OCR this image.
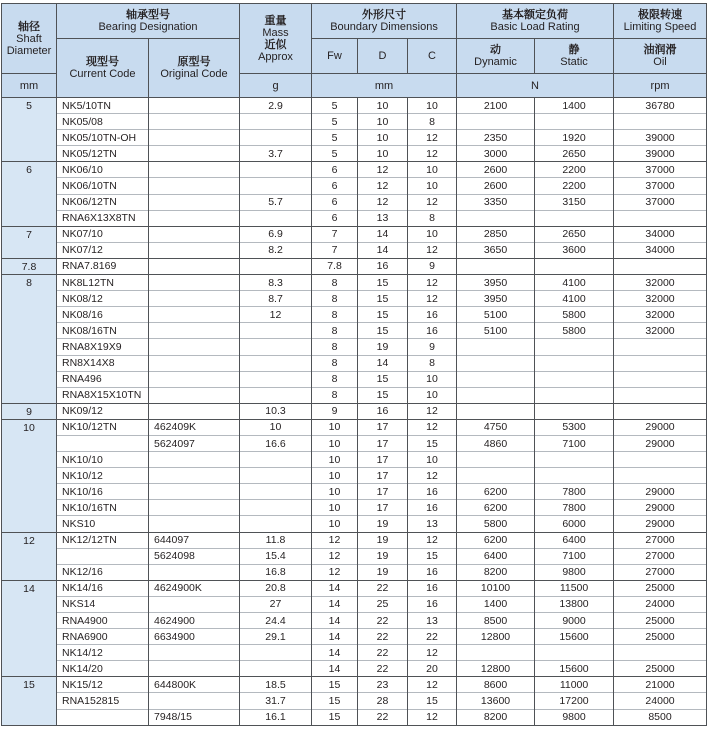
轴径
Shaft
Diameter	轴承型号
Bearing Designation		重量
Mass
近似
Approx	外形尺寸
Boundary Dimensions			基本额定负荷
Basic Load Rating		极限转速
Limiting Speed

	现型号
Current Code	原型号
Original Code		Fw	D	C	动
Dynamic	静
Static	油润滑
Oil

mm			g	mm			N		rpm
5	NK5/10TN		2.9	5	10	10	2100	1400	36780
	NK05/08			5	10	8			
	NK05/10TN-OH			5	10	12	2350	1920	39000
	NK05/12TN		3.7	5	10	12	3000	2650	39000
6	NK06/10			6	12	10	2600	2200	37000
	NK06/10TN			6	12	10	2600	2200	37000
	NK06/12TN		5.7	6	12	12	3350	3150	37000
	RNA6X13X8TN			6	13	8			
7	NK07/10		6.9	7	14	10	2850	2650	34000
	NK07/12		8.2	7	14	12	3650	3600	34000
7.8	RNA7.8169			7.8	16	9			
8	NK8L12TN		8.3	8	15	12	3950	4100	32000
	NK08/12		8.7	8	15	12	3950	4100	32000
	NK08/16		12	8	15	16	5100	5800	32000
	NK08/16TN			8	15	16	5100	5800	32000
	RNA8X19X9			8	19	9			
	RN8X14X8			8	14	8			
	RNA496			8	15	10			
	RNA8X15X10TN			8	15	10			
9	NK09/12		10.3	9	16	12			
10	NK10/12TN	462409K	10	10	17	12	4750	5300	29000
		5624097	16.6	10	17	15	4860	7100	29000
	NK10/10			10	17	10			
	NK10/12			10	17	12			
	NK10/16			10	17	16	6200	7800	29000
	NK10/16TN			10	17	16	6200	7800	29000
	NKS10			10	19	13	5800	6000	29000
12	NK12/12TN	644097	11.8	12	19	12	6200	6400	27000
		5624098	15.4	12	19	15	6400	7100	27000
	NK12/16		16.8	12	19	16	8200	9800	27000
14	NK14/16	4624900K	20.8	14	22	16	10100	11500	25000
	NKS14		27	14	25	16	1400	13800	24000
	RNA4900	4624900	24.4	14	22	13	8500	9000	25000
	RNA6900	6634900	29.1	14	22	22	12800	15600	25000
	NK14/12			14	22	12			
	NK14/20			14	22	20	12800	15600	25000
15	NK15/12	644800K	18.5	15	23	12	8600	11000	21000
	RNA152815		31.7	15	28	15	13600	17200	24000
		7948/15	16.1	15	22	12	8200	9800	8500
